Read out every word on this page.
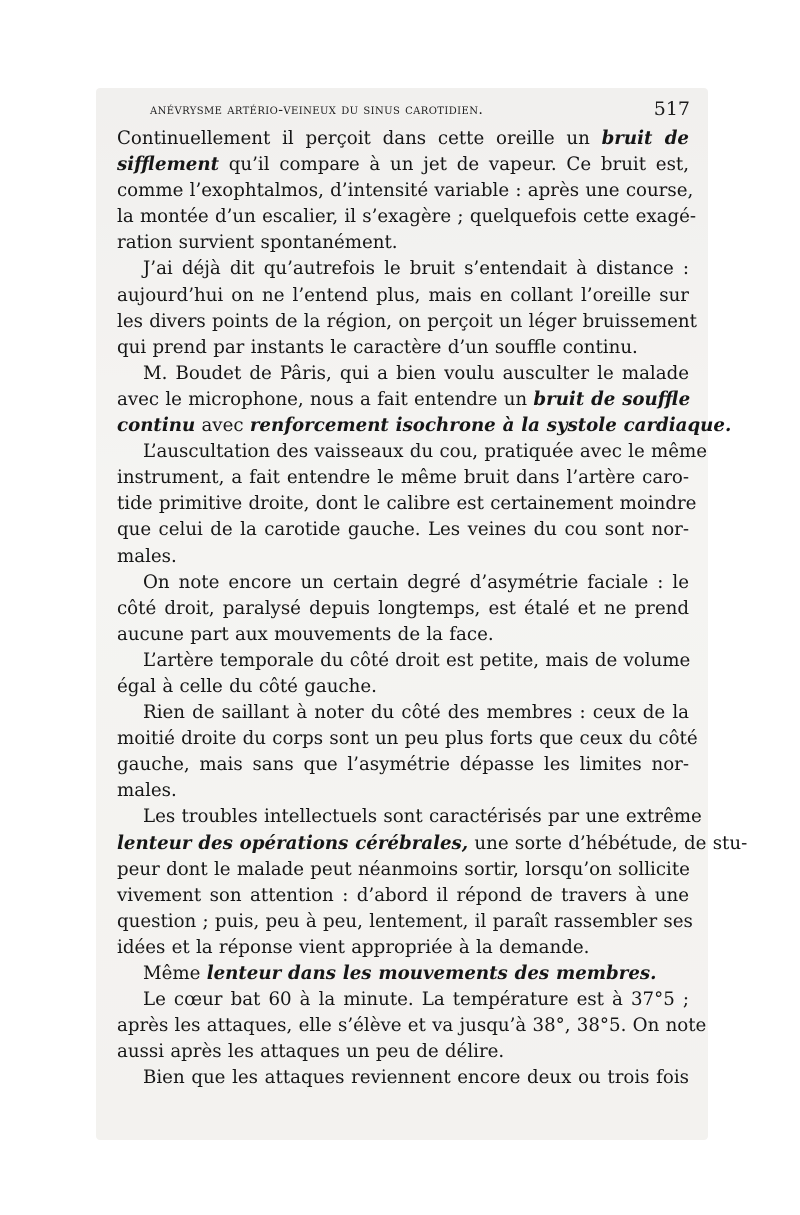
anévrysme artério-veineux du sinus carotidien.	517
Continuellement il perçoit dans cette oreille un bruit de
sifflement qu’il compare à un jet de vapeur. Ce bruit est,
comme l’exophtalmos, d’intensité variable : après une course,
la montée d’un escalier, il s’exagère ; quelquefois cette exagé-
ration survient spontanément.
J’ai déjà dit qu’autrefois le bruit s’entendait à distance :
aujourd’hui on ne l’entend plus, mais en collant l’oreille sur
les divers points de la région, on perçoit un léger bruissement
qui prend par instants le caractère d’un souffle continu.
M. Boudet de Pâris, qui a bien voulu ausculter le malade
avec le microphone, nous a fait entendre un bruit de souffle
continu avec renforcement isochrone à la systole cardiaque.
L’auscultation des vaisseaux du cou, pratiquée avec le même
instrument, a fait entendre le même bruit dans l’artère caro-
tide primitive droite, dont le calibre est certainement moindre
que celui de la carotide gauche. Les veines du cou sont nor-
males.
On note encore un certain degré d’asymétrie faciale : le
côté droit, paralysé depuis longtemps, est étalé et ne prend
aucune part aux mouvements de la face.
L’artère temporale du côté droit est petite, mais de volume
égal à celle du côté gauche.
Rien de saillant à noter du côté des membres : ceux de la
moitié droite du corps sont un peu plus forts que ceux du côté
gauche, mais sans que l’asymétrie dépasse les limites nor-
males.
Les troubles intellectuels sont caractérisés par une extrême
lenteur des opérations cérébrales, une sorte d’hébétude, de stu-
peur dont le malade peut néanmoins sortir, lorsqu’on sollicite
vivement son attention : d’abord il répond de travers à une
question ; puis, peu à peu, lentement, il paraît rassembler ses
idées et la réponse vient appropriée à la demande.
Même lenteur dans les mouvements des membres.
Le cœur bat 60 à la minute. La température est à 37°5 ;
après les attaques, elle s’élève et va jusqu’à 38°, 38°5. On note
aussi après les attaques un peu de délire.
Bien que les attaques reviennent encore deux ou trois fois
